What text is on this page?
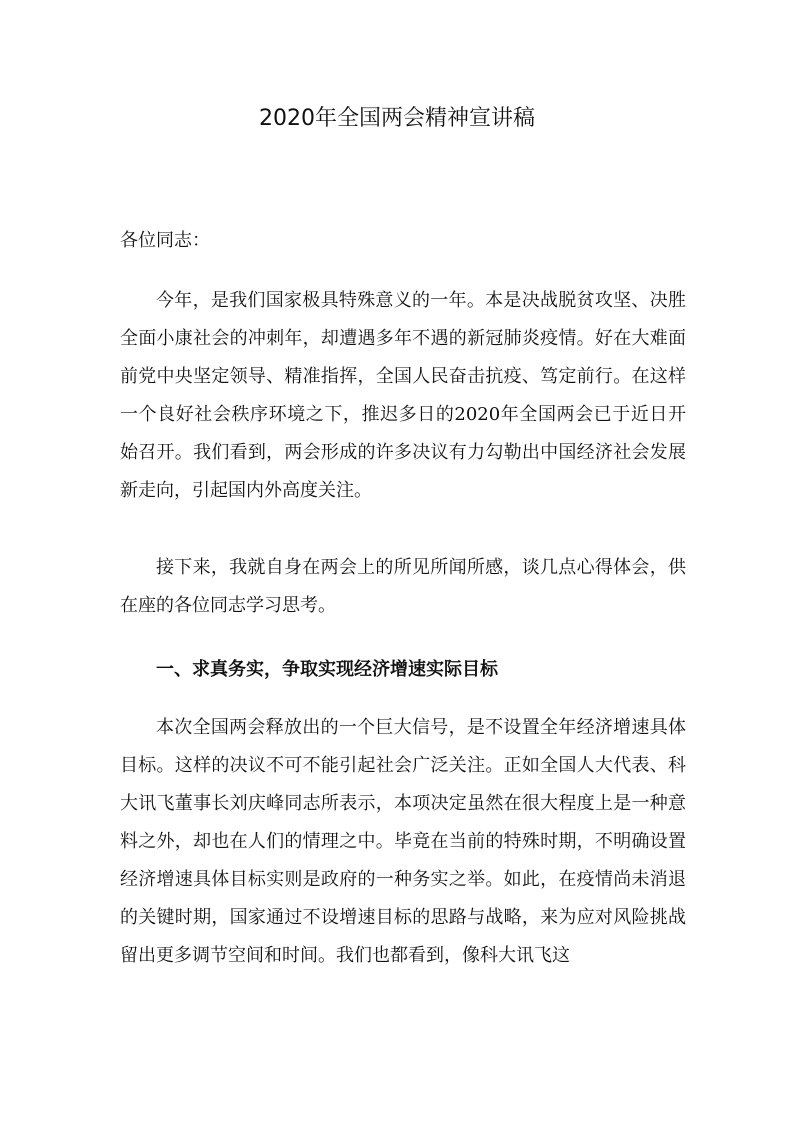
2020年全国两会精神宣讲稿
各位同志：
今年，是我们国家极具特殊意义的一年。本是决战脱贫攻坚、决胜全面小康社会的冲刺年，却遭遇多年不遇的新冠肺炎疫情。好在大难面前党中央坚定领导、精准指挥，全国人民奋击抗疫、笃定前行。在这样一个良好社会秩序环境之下，推迟多日的2020年全国两会已于近日开始召开。我们看到，两会形成的许多决议有力勾勒出中国经济社会发展新走向，引起国内外高度关注。
接下来，我就自身在两会上的所见所闻所感，谈几点心得体会，供在座的各位同志学习思考。
一、求真务实，争取实现经济增速实际目标
本次全国两会释放出的一个巨大信号，是不设置全年经济增速具体目标。这样的决议不可不能引起社会广泛关注。正如全国人大代表、科大讯飞董事长刘庆峰同志所表示，本项决定虽然在很大程度上是一种意料之外，却也在人们的情理之中。毕竟在当前的特殊时期，不明确设置经济增速具体目标实则是政府的一种务实之举。如此，在疫情尚未消退的关键时期，国家通过不设增速目标的思路与战略，来为应对风险挑战留出更多调节空间和时间。我们也都看到，像科大讯飞这
